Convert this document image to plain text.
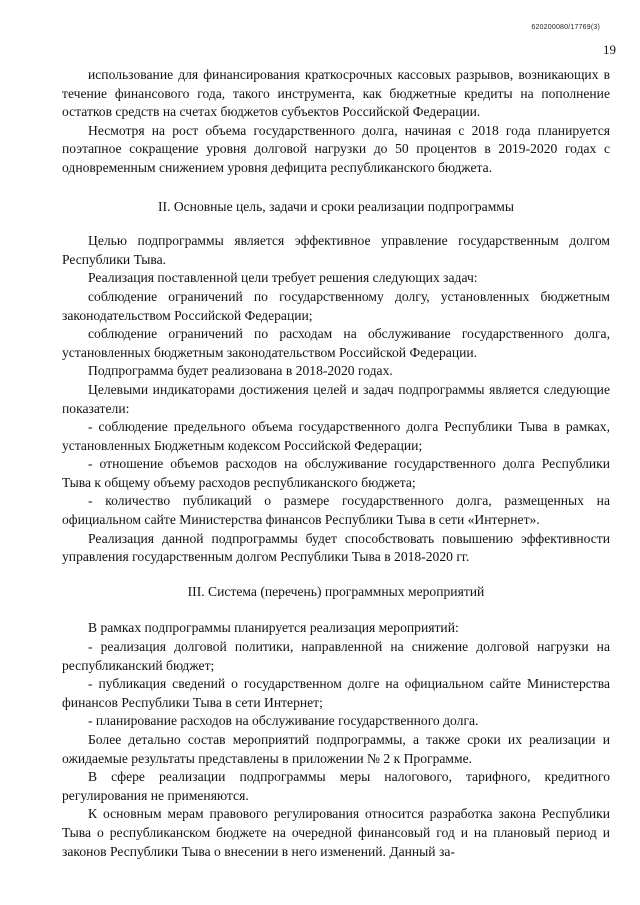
620200080/17769(3)
19

использование для финансирования краткосрочных кассовых разрывов, возникающих в течение финансового года, такого инструмента, как бюджетные кредиты на пополнение остатков средств на счетах бюджетов субъектов Российской Федерации.

Несмотря на рост объема государственного долга, начиная с 2018 года планируется поэтапное сокращение уровня долговой нагрузки до 50 процентов в 2019-2020 годах с одновременным снижением уровня дефицита республиканского бюджета.

II. Основные цель, задачи и сроки реализации подпрограммы

Целью подпрограммы является эффективное управление государственным долгом Республики Тыва.

Реализация поставленной цели требует решения следующих задач:

соблюдение ограничений по государственному долгу, установленных бюджетным законодательством Российской Федерации;

соблюдение ограничений по расходам на обслуживание государственного долга, установленных бюджетным законодательством Российской Федерации.

Подпрограмма будет реализована в 2018-2020 годах.

Целевыми индикаторами достижения целей и задач подпрограммы является следующие показатели:

- соблюдение предельного объема государственного долга Республики Тыва в рамках, установленных Бюджетным кодексом Российской Федерации;

- отношение объемов расходов на обслуживание государственного долга Республики Тыва к общему объему расходов республиканского бюджета;

- количество публикаций о размере государственного долга, размещенных на официальном сайте Министерства финансов Республики Тыва в сети «Интернет».

Реализация данной подпрограммы будет способствовать повышению эффективности управления государственным долгом Республики Тыва в 2018-2020 гг.

III. Система (перечень) программных мероприятий

В рамках подпрограммы планируется реализация мероприятий:

- реализация долговой политики, направленной на снижение долговой нагрузки на республиканский бюджет;

- публикация сведений о государственном долге на официальном сайте Министерства финансов Республики Тыва в сети Интернет;

- планирование расходов на обслуживание государственного долга.

Более детально состав мероприятий подпрограммы, а также сроки их реализации и ожидаемые результаты представлены в приложении № 2 к Программе.

В сфере реализации подпрограммы меры налогового, тарифного, кредитного регулирования не применяются.

К основным мерам правового регулирования относится разработка закона Республики Тыва о республиканском бюджете на очередной финансовый год и на плановый период и законов Республики Тыва о внесении в него изменений. Данный за-
